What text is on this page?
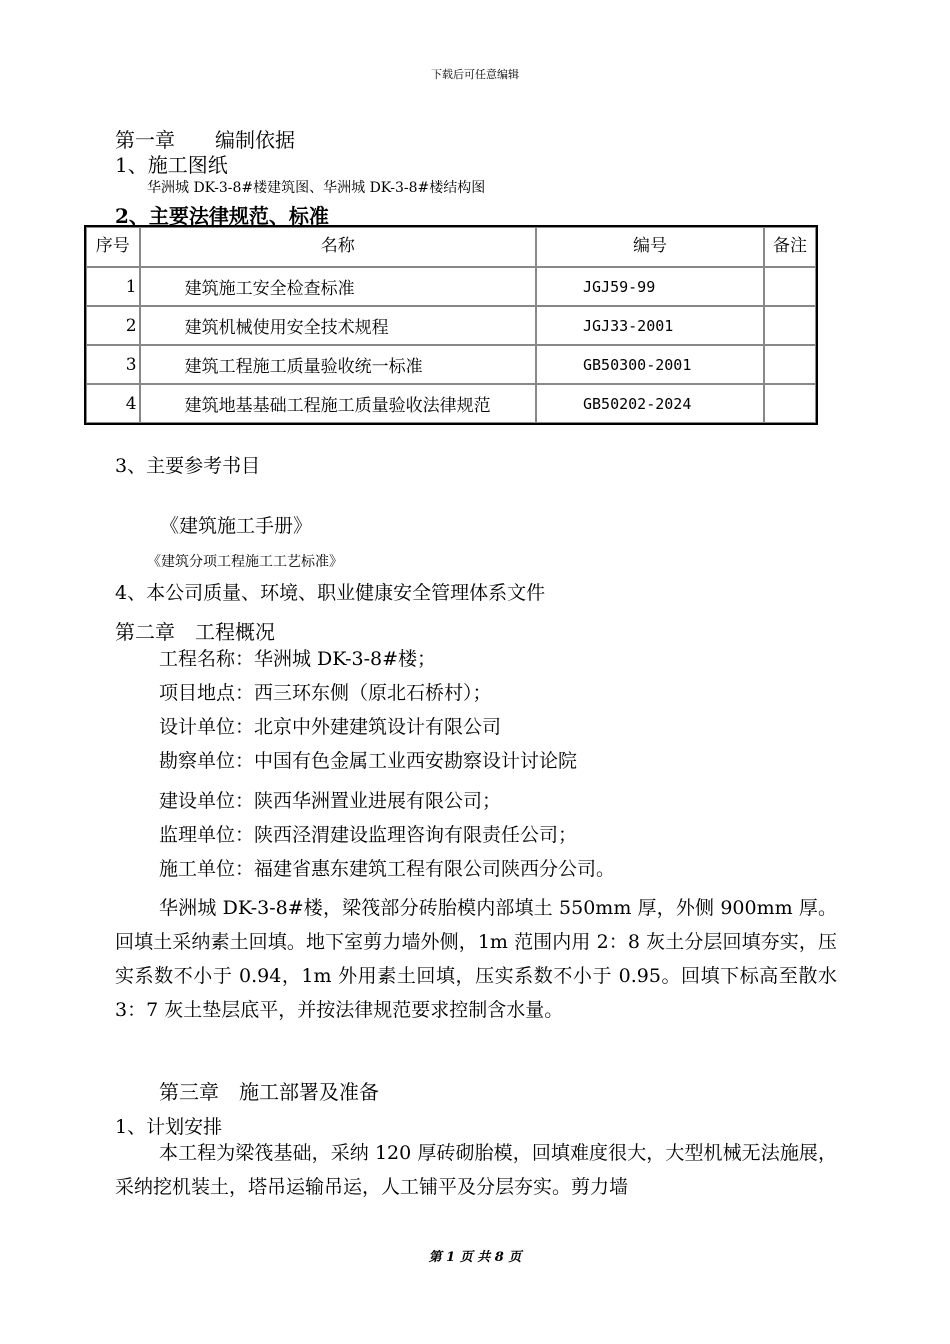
下载后可任意编辑
第一章　　编制依据
1、施工图纸
华洲城 DK-3-8#楼建筑图、华洲城 DK-3-8#楼结构图
2、主要法律规范、标准
序号	名称	编号	备注
1	建筑施工安全检查标准	JGJ59-99	
2	建筑机械使用安全技术规程	JGJ33-2001	
3	建筑工程施工质量验收统一标准	GB50300-2001	
4	建筑地基基础工程施工质量验收法律规范	GB50202-2024	
3、主要参考书目
《建筑施工手册》
《建筑分项工程施工工艺标准》
4、本公司质量、环境、职业健康安全管理体系文件
第二章　工程概况
工程名称：华洲城 DK-3-8#楼；
项目地点：西三环东侧（原北石桥村）；
设计单位：北京中外建建筑设计有限公司
勘察单位：中国有色金属工业西安勘察设计讨论院
建设单位：陕西华洲置业进展有限公司；
监理单位：陕西泾渭建设监理咨询有限责任公司；
施工单位：福建省惠东建筑工程有限公司陕西分公司。
华洲城 DK-3-8#楼，梁筏部分砖胎模内部填土 550mm 厚，外侧 900mm 厚。回填土采纳素土回填。地下室剪力墙外侧，1m 范围内用 2：8 灰土分层回填夯实，压实系数不小于 0.94，1m 外用素土回填，压实系数不小于 0.95。回填下标高至散水 3：7 灰土垫层底平，并按法律规范要求控制含水量。
第三章　施工部署及准备
1、计划安排
本工程为梁筏基础，采纳 120 厚砖砌胎模，回填难度很大，大型机械无法施展，采纳挖机装土，塔吊运输吊运，人工铺平及分层夯实。剪力墙
第 1 页 共 8 页
